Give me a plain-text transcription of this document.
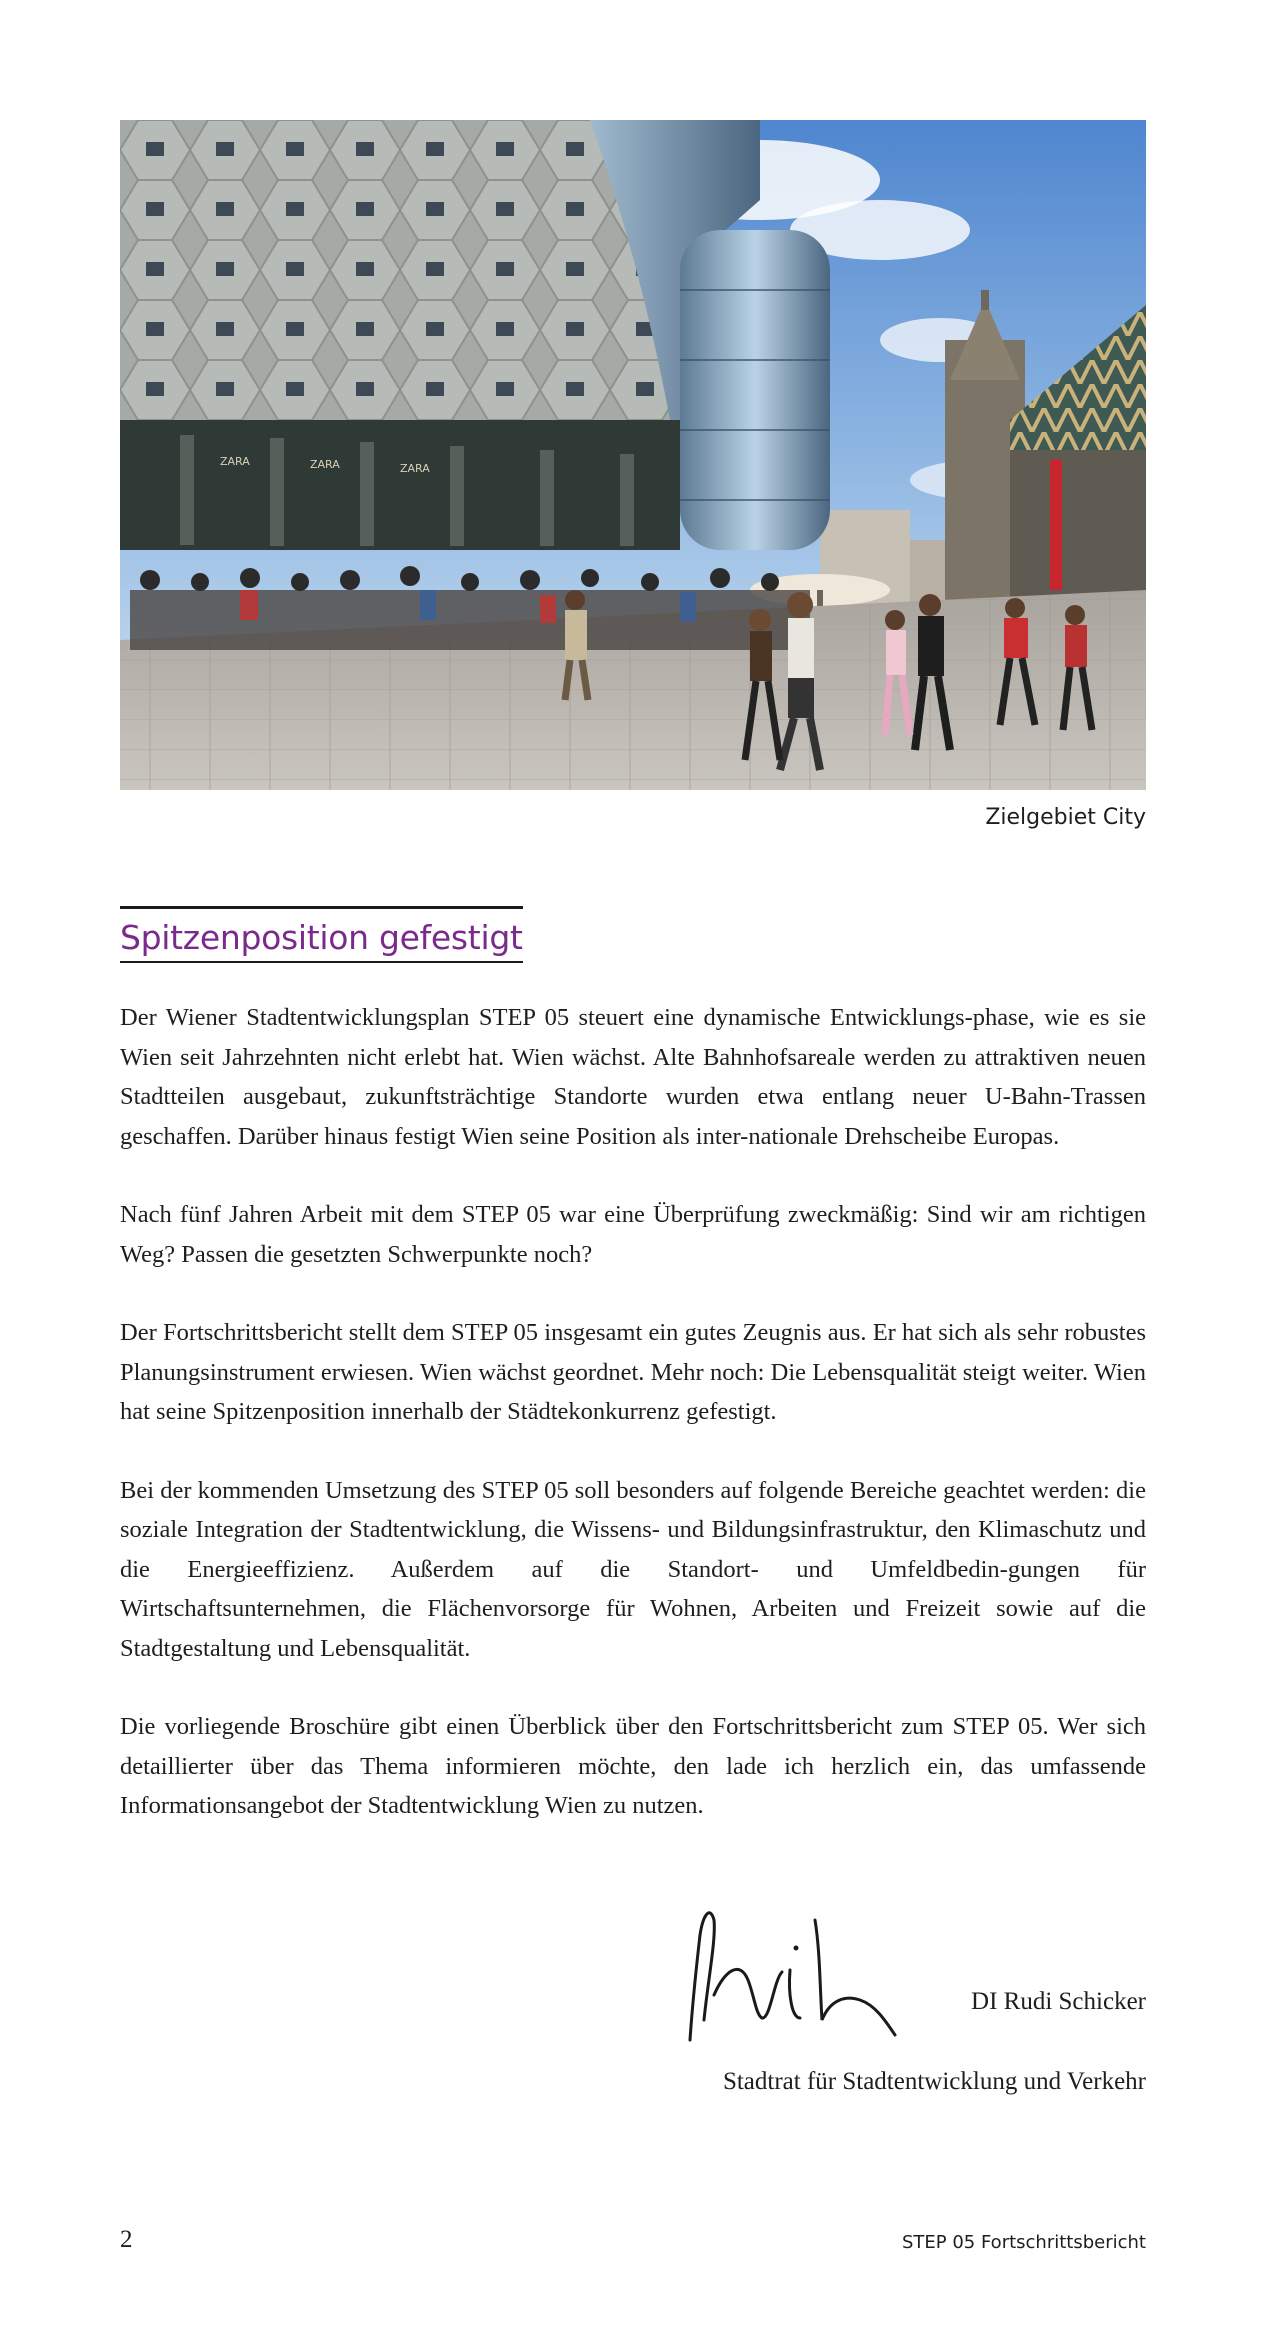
ZARA	ZARA	ZARA
Zielgebiet City
Spitzenposition gefestigt

Der Wiener Stadtentwicklungsplan STEP 05 steuert eine dynamische Entwicklungs-phase, wie es sie Wien seit Jahrzehnten nicht erlebt hat. Wien wächst. Alte Bahnhofsareale werden zu attraktiven neuen Stadtteilen ausgebaut, zukunftsträchtige Standorte wurden etwa entlang neuer U-Bahn-Trassen geschaffen. Darüber hinaus festigt Wien seine Position als inter-nationale Drehscheibe Europas.

Nach fünf Jahren Arbeit mit dem STEP 05 war eine Überprüfung zweckmäßig: Sind wir am richtigen Weg? Passen die gesetzten Schwerpunkte noch?

Der Fortschrittsbericht stellt dem STEP 05 insgesamt ein gutes Zeugnis aus. Er hat sich als sehr robustes Planungsinstrument erwiesen. Wien wächst geordnet. Mehr noch: Die Lebensqualität steigt weiter. Wien hat seine Spitzenposition innerhalb der Städtekonkurrenz gefestigt.

Bei der kommenden Umsetzung des STEP 05 soll besonders auf folgende Bereiche geachtet werden: die soziale Integration der Stadtentwicklung, die Wissens- und Bildungsinfrastruktur, den Klimaschutz und die Energieeffizienz. Außerdem auf die Standort- und Umfeldbedin-gungen für Wirtschaftsunternehmen, die Flächenvorsorge für Wohnen, Arbeiten und Freizeit sowie auf die Stadtgestaltung und Lebensqualität.

Die vorliegende Broschüre gibt einen Überblick über den Fortschrittsbericht zum STEP 05. Wer sich detaillierter über das Thema informieren möchte, den lade ich herzlich ein, das umfassende Informationsangebot der Stadtentwicklung Wien zu nutzen.

DI Rudi Schicker
Stadtrat für Stadtentwicklung und Verkehr
2	STEP 05 Fortschrittsbericht
